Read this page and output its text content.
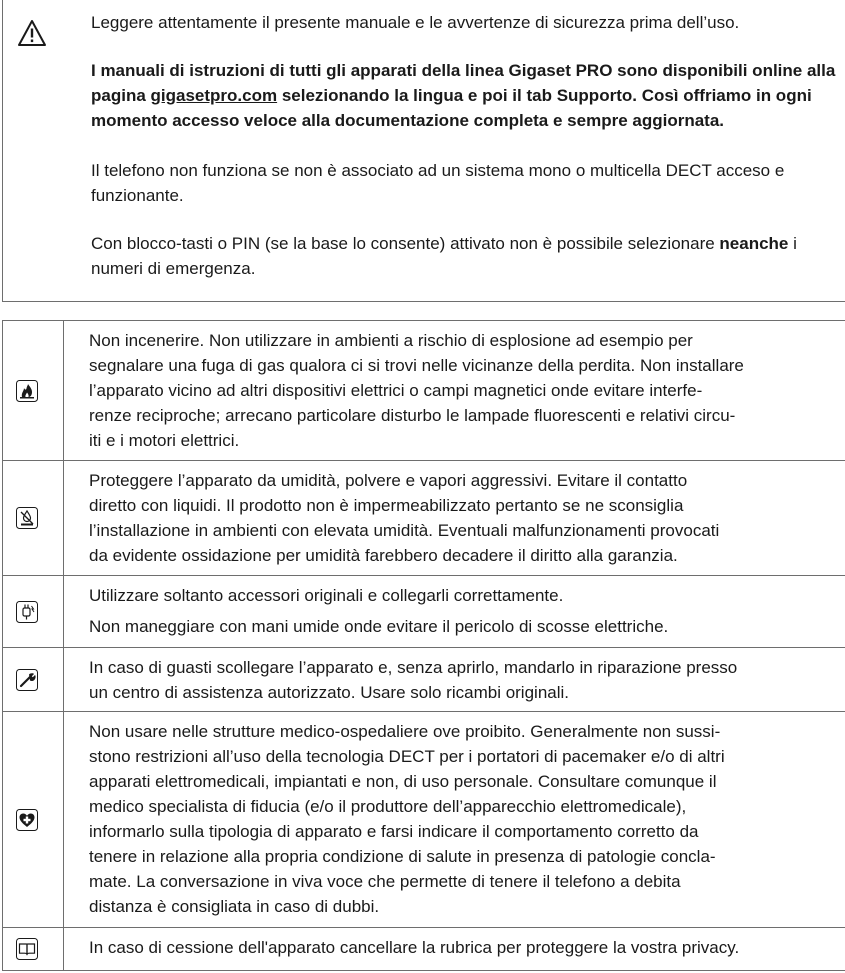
Leggere attentamente il presente manuale e le avvertenze di sicurezza prima dell’uso.

I manuali di istruzioni di tutti gli apparati della linea Gigaset PRO sono disponibili online alla pagina gigasetpro.com selezionando la lingua e poi il tab Supporto. Così offriamo in ogni momento accesso veloce alla documentazione completa e sempre aggiornata.

Il telefono non funziona se non è associato ad un sistema mono o multicella DECT acceso e funzionante.

Con blocco-tasti o PIN (se la base lo consente) attivato non è possibile selezionare neanche i numeri di emergenza.

Non incenerire. Non utilizzare in ambienti a rischio di esplosione ad esempio per

segnalare una fuga di gas qualora ci si trovi nelle vicinanze della perdita. Non installare

l’apparato vicino ad altri dispositivi elettrici o campi magnetici onde evitare interfe-

renze reciproche; arrecano particolare disturbo le lampade fluorescenti e relativi circu-

iti e i motori elettrici.

Proteggere l’apparato da umidità, polvere e vapori aggressivi. Evitare il contatto

diretto con liquidi. Il prodotto non è impermeabilizzato pertanto se ne sconsiglia

l’installazione in ambienti con elevata umidità. Eventuali malfunzionamenti provocati

da evidente ossidazione per umidità farebbero decadere il diritto alla garanzia.

Utilizzare soltanto accessori originali e collegarli correttamente.

Non maneggiare con mani umide onde evitare il pericolo di scosse elettriche.

In caso di guasti scollegare l’apparato e, senza aprirlo, mandarlo in riparazione presso

un centro di assistenza autorizzato. Usare solo ricambi originali.

Non usare nelle strutture medico-ospedaliere ove proibito. Generalmente non sussi-

stono restrizioni all’uso della tecnologia DECT per i portatori di pacemaker e/o di altri

apparati elettromedicali, impiantati e non, di uso personale. Consultare comunque il

medico specialista di fiducia (e/o il produttore dell’apparecchio elettromedicale),

informarlo sulla tipologia di apparato e farsi indicare il comportamento corretto da

tenere in relazione alla propria condizione di salute in presenza di patologie concla-

mate. La conversazione in viva voce che permette di tenere il telefono a debita

distanza è consigliata in caso di dubbi.

In caso di cessione dell'apparato cancellare la rubrica per proteggere la vostra privacy.
